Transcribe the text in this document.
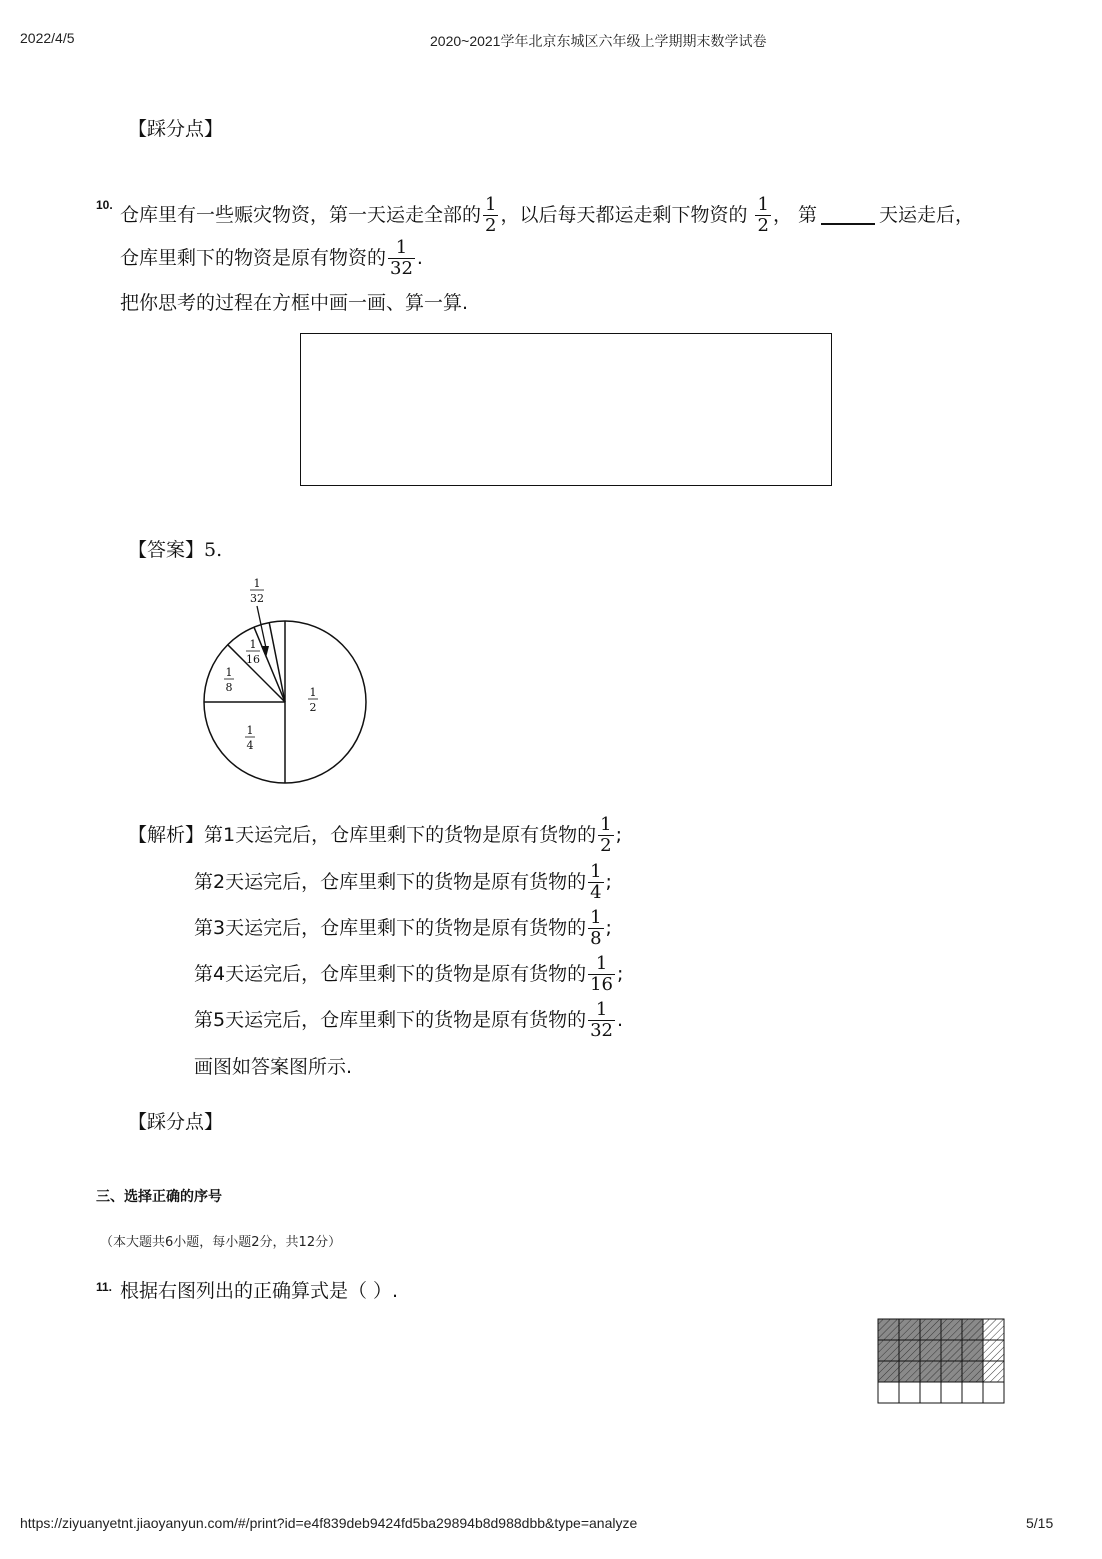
2022/4/5	2020~2021学年北京东城区六年级上学期期末数学试卷
【踩分点】
10. 仓库里有一些赈灾物资，第一天运走全部的 $\frac{1}{2}$ ，以后每天都运走剩下物资的 $\frac{1}{2}$ ， 第	天运走后，
仓库里剩下的物资是原有物资的 $\frac{1}{32}$ .
把你思考的过程在方框中画一画、算一算.
【答案】5.
1
2
1
4
1
8
1
16
1
32
【解析】 第1天运完后，仓库里剩下的货物是原有货物的 $\frac{1}{2}$ ;
第2天运完后，仓库里剩下的货物是原有货物的 $\frac{1}{4}$ ;
第3天运完后，仓库里剩下的货物是原有货物的 $\frac{1}{8}$ ;
第4天运完后，仓库里剩下的货物是原有货物的 $\frac{1}{16}$ ;
第5天运完后，仓库里剩下的货物是原有货物的 $\frac{1}{32}$ .
画图如答案图所示.
【踩分点】
三、选择正确的序号
（本大题共6小题，每小题2分，共12分）
11. 根据右图列出的正确算式是（ ）.
https://ziyuanyetnt.jiaoyanyun.com/#/print?id=e4f839deb9424fd5ba29894b8d988dbb&type=analyze	5/15
